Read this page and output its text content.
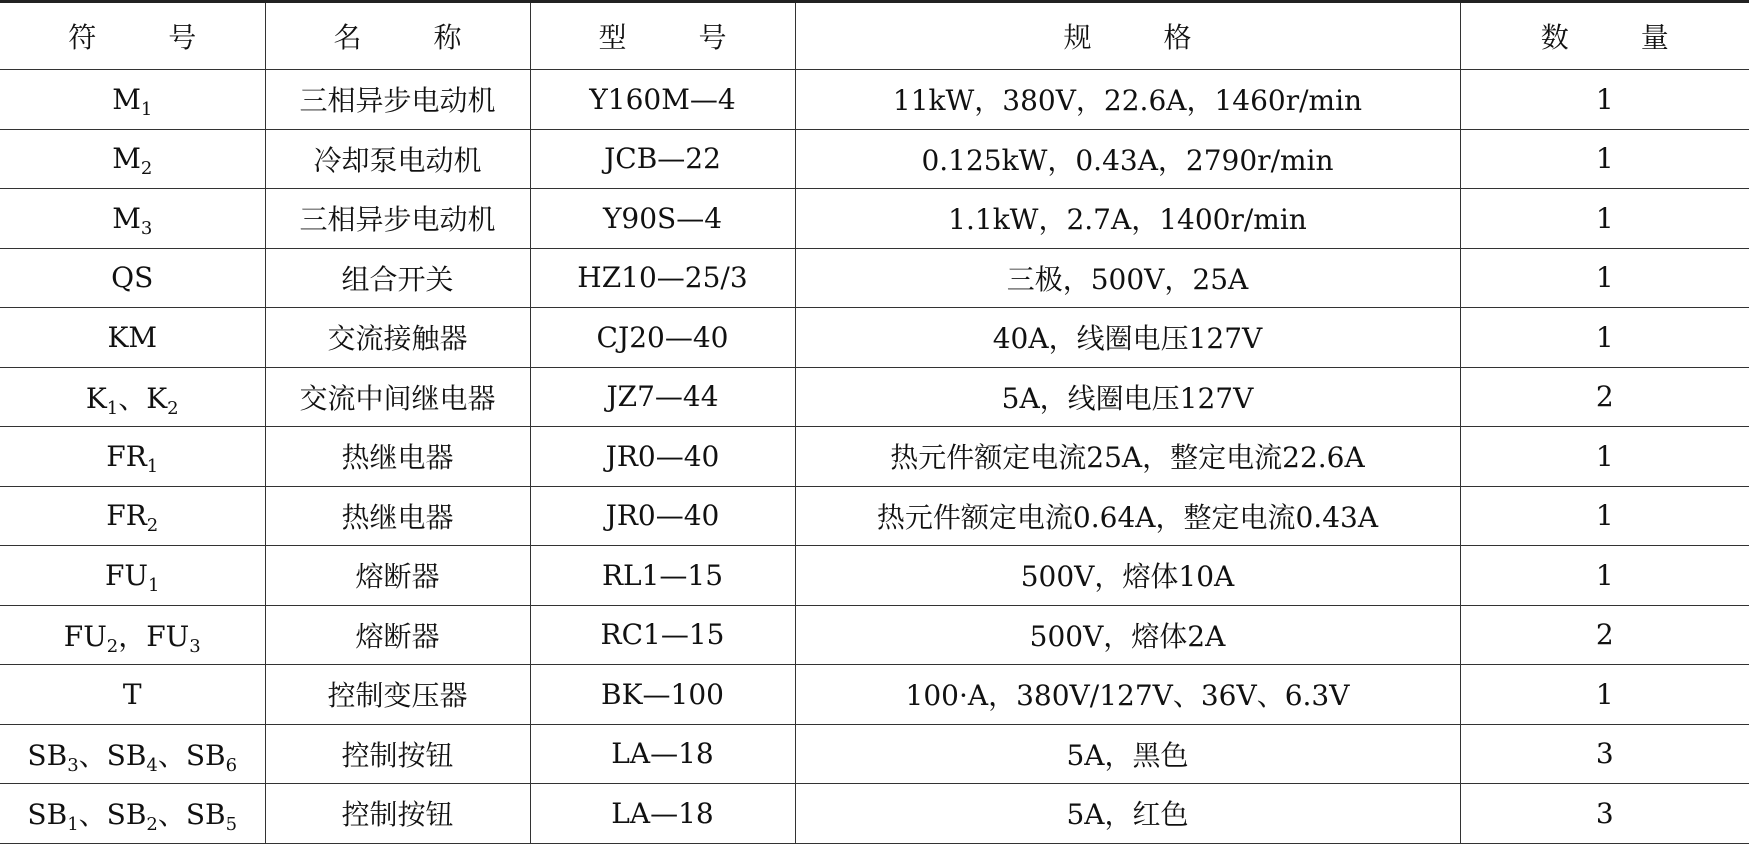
符 号	名 称	型 号	规 格	数 量
$M_1$	三相异步电动机	Y160M—4	11kW，380V，22.6A，1460r/min	1
$M_2$	冷却泵电动机	JCB—22	0.125kW，0.43A，2790r/min	1
$M_3$	三相异步电动机	Y90S—4	1.1kW，2.7A，1400r/min	1
QS	组合开关	HZ10—25/3	三极，500V，25A	1
KM	交流接触器	CJ20—40	40A，线圈电压127V	1
$K_1$、$K_2$	交流中间继电器	JZ7—44	5A，线圈电压127V	2
$FR_1$	热继电器	JR0—40	热元件额定电流25A，整定电流22.6A	1
$FR_2$	热继电器	JR0—40	热元件额定电流0.64A，整定电流0.43A	1
$FU_1$	熔断器	RL1—15	500V，熔体10A	1
$FU_2$，$FU_3$	熔断器	RC1—15	500V，熔体2A	2
T	控制变压器	BK—100	100·A，380V/127V、36V、6.3V	1
$SB_3$、$SB_4$、$SB_6$	控制按钮	LA—18	5A，黑色	3
$SB_1$、$SB_2$、$SB_5$	控制按钮	LA—18	5A，红色	3
